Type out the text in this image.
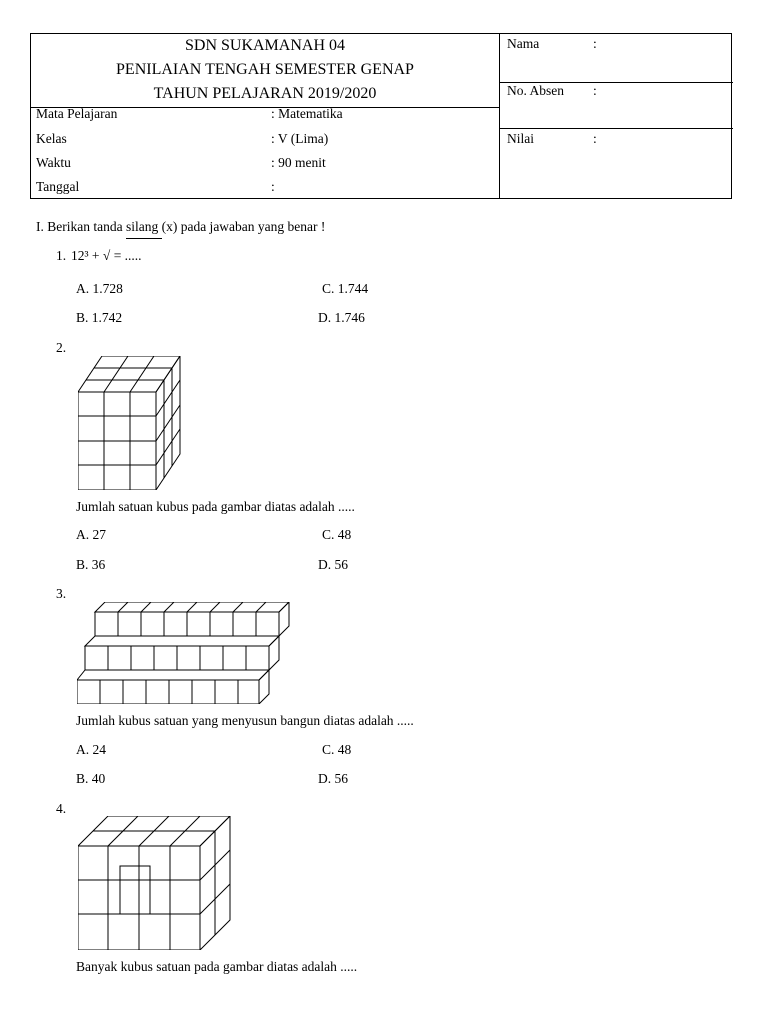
SDN SUKAMANAH 04
PENILAIAN TENGAH SEMESTER GENAP
TAHUN PELAJARAN 2019/2020
Mata Pelajaran	: Matematika
Kelas	: V (Lima)
Waktu	: 90 menit
Tanggal	:
Nama	:
No. Absen :
Nilai	:
I. Berikan tanda silang (x) pada jawaban yang benar !
1. 12³ + √ = .....
A. 1.728	C. 1.744
B. 1.742	D. 1.746
2.
Jumlah satuan kubus pada gambar diatas adalah .....
A. 27	C. 48
B. 36	D. 56
3.
Jumlah kubus satuan yang menyusun bangun diatas adalah .....
A. 24	C. 48
B. 40	D. 56
4.
Banyak kubus satuan pada gambar diatas adalah .....
